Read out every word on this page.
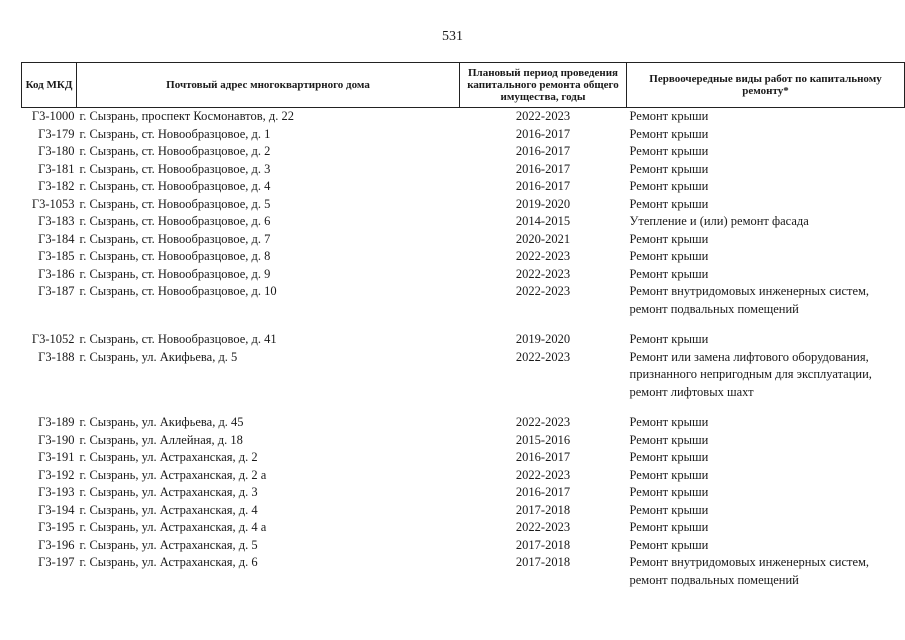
531
Код МКД	Почтовый адрес многоквартирного дома	Плановый период проведения капитального ремонта общего имущества, годы	Первоочередные виды работ по капитальному ремонту*
Г3-1000	г. Сызрань, проспект Космонавтов, д. 22	2022-2023	Ремонт крыши
Г3-179	г. Сызрань, ст. Новообразцовое, д. 1	2016-2017	Ремонт крыши
Г3-180	г. Сызрань, ст. Новообразцовое, д. 2	2016-2017	Ремонт крыши
Г3-181	г. Сызрань, ст. Новообразцовое, д. 3	2016-2017	Ремонт крыши
Г3-182	г. Сызрань, ст. Новообразцовое, д. 4	2016-2017	Ремонт крыши
Г3-1053	г. Сызрань, ст. Новообразцовое, д. 5	2019-2020	Ремонт крыши
Г3-183	г. Сызрань, ст. Новообразцовое, д. 6	2014-2015	Утепление и (или) ремонт фасада
Г3-184	г. Сызрань, ст. Новообразцовое, д. 7	2020-2021	Ремонт крыши
Г3-185	г. Сызрань, ст. Новообразцовое, д. 8	2022-2023	Ремонт крыши
Г3-186	г. Сызрань, ст. Новообразцовое, д. 9	2022-2023	Ремонт крыши
Г3-187	г. Сызрань, ст. Новообразцовое, д. 10	2022-2023	Ремонт внутридомовых инженерных систем, ремонт подвальных помещений
Г3-1052	г. Сызрань, ст. Новообразцовое, д. 41	2019-2020	Ремонт крыши
Г3-188	г. Сызрань, ул. Акифьева, д. 5	2022-2023	Ремонт или замена лифтового оборудования, признанного непригодным для эксплуатации, ремонт лифтовых шахт
Г3-189	г. Сызрань, ул. Акифьева, д. 45	2022-2023	Ремонт крыши
Г3-190	г. Сызрань, ул. Аллейная, д. 18	2015-2016	Ремонт крыши
Г3-191	г. Сызрань, ул. Астраханская, д. 2	2016-2017	Ремонт крыши
Г3-192	г. Сызрань, ул. Астраханская, д. 2 а	2022-2023	Ремонт крыши
Г3-193	г. Сызрань, ул. Астраханская, д. 3	2016-2017	Ремонт крыши
Г3-194	г. Сызрань, ул. Астраханская, д. 4	2017-2018	Ремонт крыши
Г3-195	г. Сызрань, ул. Астраханская, д. 4 а	2022-2023	Ремонт крыши
Г3-196	г. Сызрань, ул. Астраханская, д. 5	2017-2018	Ремонт крыши
Г3-197	г. Сызрань, ул. Астраханская, д. 6	2017-2018	Ремонт внутридомовых инженерных систем, ремонт подвальных помещений
